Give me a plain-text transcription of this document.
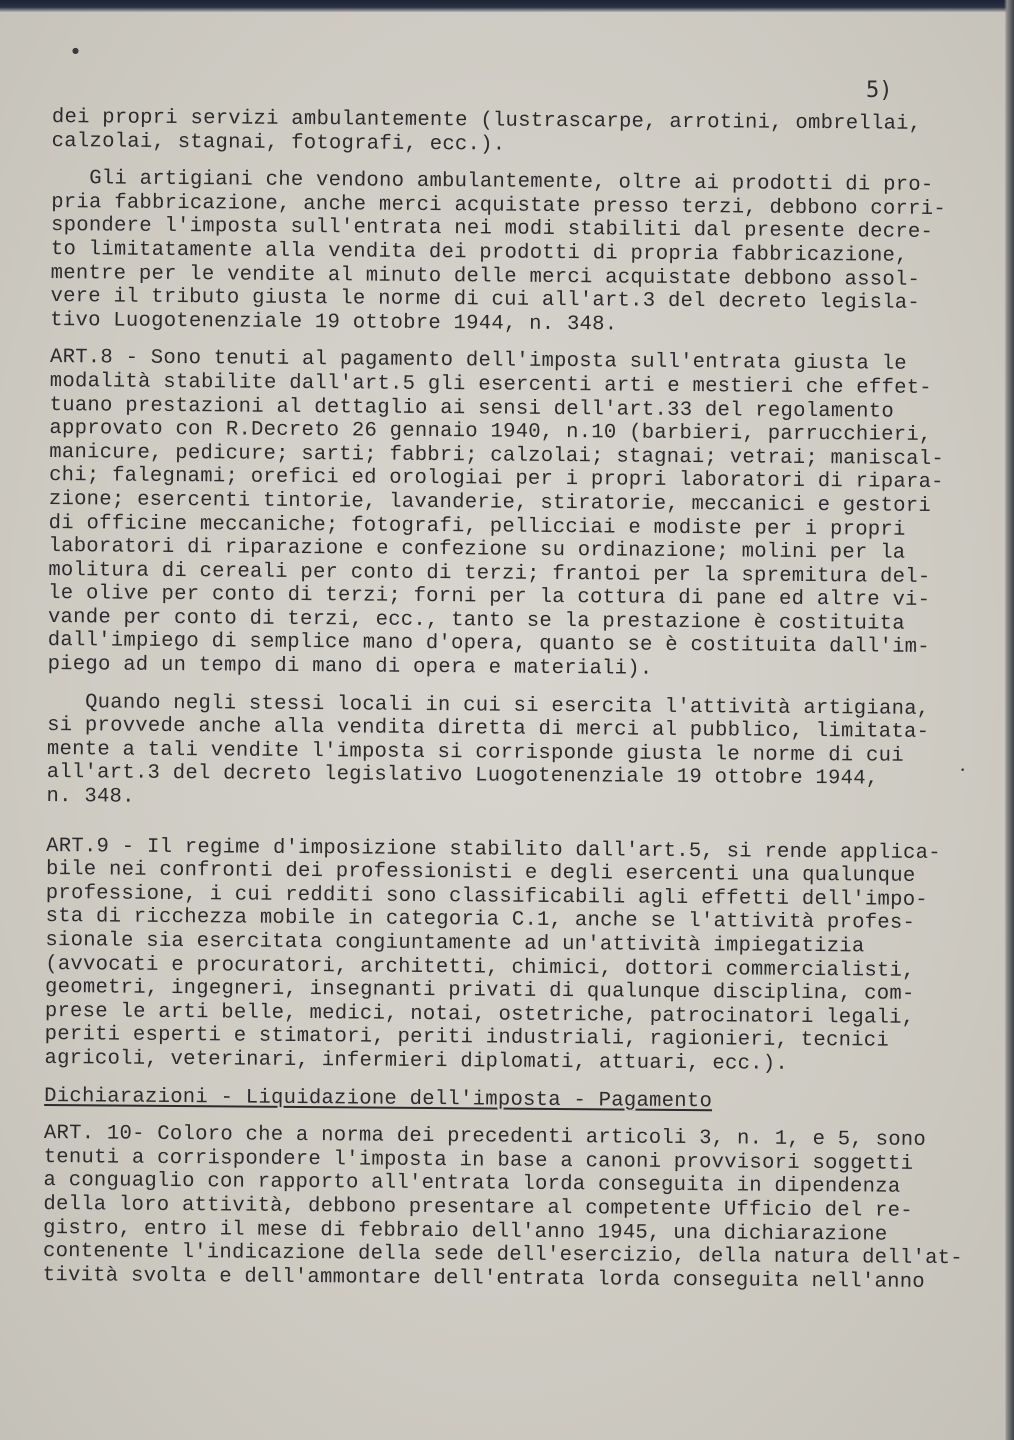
●
•
5)
dei propri servizi ambulantemente (lustrascarpe, arrotini, ombrellai,
calzolai, stagnai, fotografi, ecc.).
Gli artigiani che vendono ambulantemente, oltre ai prodotti di pro-
pria fabbricazione, anche merci acquistate presso terzi, debbono corri-
spondere l'imposta sull'entrata nei modi stabiliti dal presente decre-
to limitatamente alla vendita dei prodotti di propria fabbricazione,
mentre per le vendite al minuto delle merci acquistate debbono assol-
vere il tributo giusta le norme di cui all'art.3 del decreto legisla-
tivo Luogotenenziale 19 ottobre 1944, n. 348.
ART.8 - Sono tenuti al pagamento dell'imposta sull'entrata giusta le
modalità stabilite dall'art.5 gli esercenti arti e mestieri che effet-
tuano prestazioni al dettaglio ai sensi dell'art.33 del regolamento
approvato con R.Decreto 26 gennaio 1940, n.10 (barbieri, parrucchieri,
manicure, pedicure; sarti; fabbri; calzolai; stagnai; vetrai; maniscal-
chi; falegnami; orefici ed orologiai per i propri laboratori di ripara-
zione; esercenti tintorie, lavanderie, stiratorie, meccanici e gestori
di officine meccaniche; fotografi, pellicciai e modiste per i propri
laboratori di riparazione e confezione su ordinazione; molini per la
molitura di cereali per conto di terzi; frantoi per la spremitura del-
le olive per conto di terzi; forni per la cottura di pane ed altre vi-
vande per conto di terzi, ecc., tanto se la prestazione è costituita
dall'impiego di semplice mano d'opera, quanto se è costituita dall'im-
piego ad un tempo di mano di opera e materiali).
Quando negli stessi locali in cui si esercita l'attività artigiana,
si provvede anche alla vendita diretta di merci al pubblico, limitata-
mente a tali vendite l'imposta si corrisponde giusta le norme di cui
all'art.3 del decreto legislativo Luogotenenziale 19 ottobre 1944,
n. 348.
ART.9 - Il regime d'imposizione stabilito dall'art.5, si rende applica-
bile nei confronti dei professionisti e degli esercenti una qualunque
professione, i cui redditi sono classificabili agli effetti dell'impo-
sta di ricchezza mobile in categoria C.1, anche se l'attività profes-
sionale sia esercitata congiuntamente ad un'attività impiegatizia
(avvocati e procuratori, architetti, chimici, dottori commercialisti,
geometri, ingegneri, insegnanti privati di qualunque disciplina, com-
prese le arti belle, medici, notai, ostetriche, patrocinatori legali,
periti esperti e stimatori, periti industriali, ragionieri, tecnici
agricoli, veterinari, infermieri diplomati, attuari, ecc.).
Dichiarazioni - Liquidazione dell'imposta - Pagamento
ART. 10- Coloro che a norma dei precedenti articoli 3, n. 1, e 5, sono
tenuti a corrispondere l'imposta in base a canoni provvisori soggetti
a conguaglio con rapporto all'entrata lorda conseguita in dipendenza
della loro attività, debbono presentare al competente Ufficio del re-
gistro, entro il mese di febbraio dell'anno 1945, una dichiarazione
contenente l'indicazione della sede dell'esercizio, della natura dell'at-
tività svolta e dell'ammontare dell'entrata lorda conseguita nell'anno
